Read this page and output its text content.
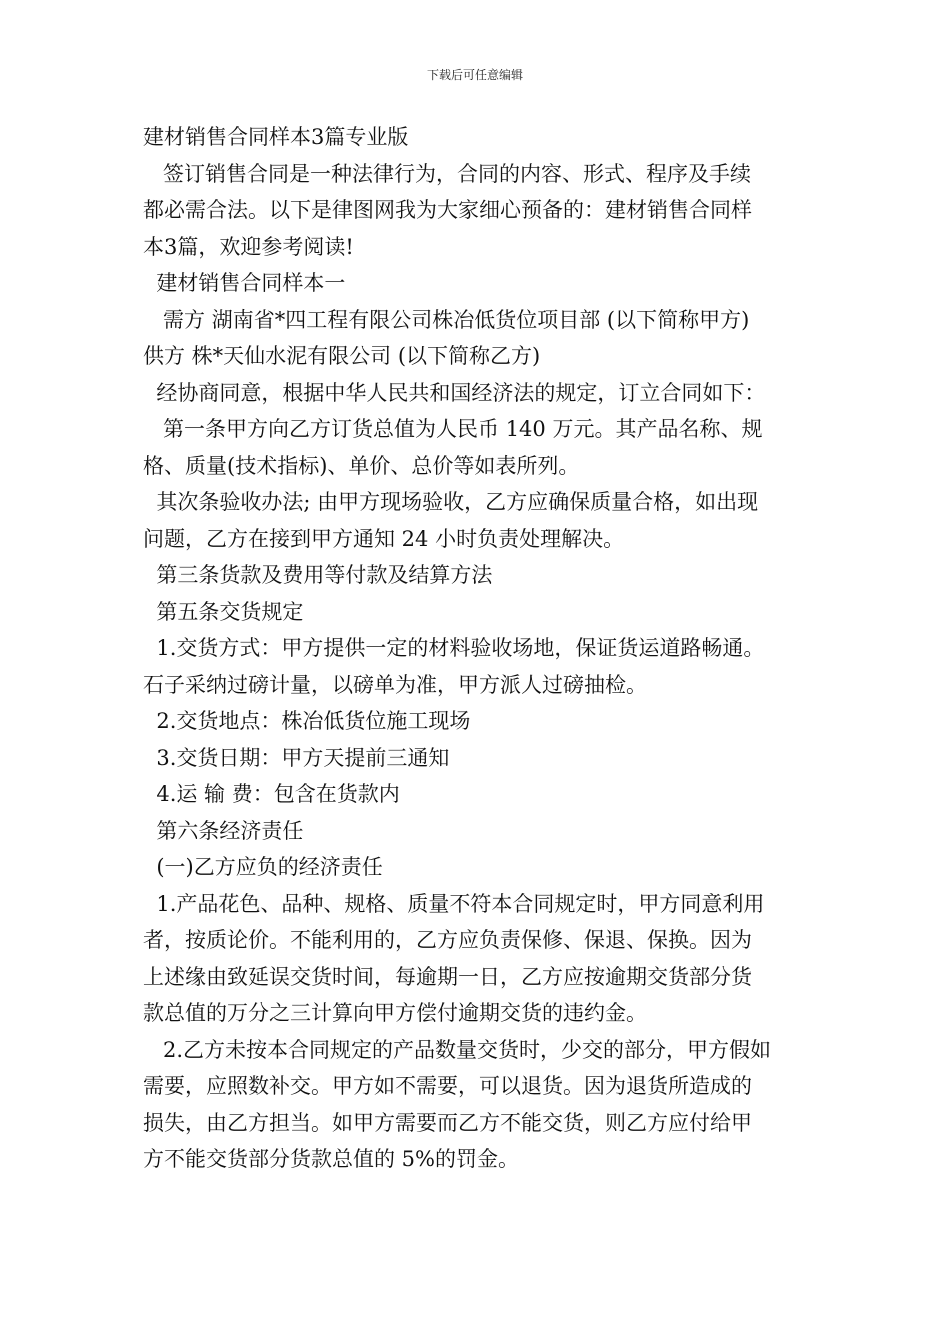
下载后可任意编辑
建材销售合同样本3篇专业版
签订销售合同是一种法律行为，合同的内容、形式、程序及手续
都必需合法。以下是律图网我为大家细心预备的：建材销售合同样
本3篇，欢迎参考阅读!
建材销售合同样本一
需方 湖南省*四工程有限公司株冶低货位项目部 (以下简称甲方)
供方 株*天仙水泥有限公司 (以下简称乙方)
经协商同意，根据中华人民共和国经济法的规定，订立合同如下：
第一条甲方向乙方订货总值为人民币 140 万元。其产品名称、规
格、质量(技术指标)、单价、总价等如表所列。
其次条验收办法; 由甲方现场验收，乙方应确保质量合格，如出现
问题，乙方在接到甲方通知 24 小时负责处理解决。
第三条货款及费用等付款及结算方法
第五条交货规定
1.交货方式：甲方提供一定的材料验收场地，保证货运道路畅通。
石子采纳过磅计量，以磅单为准，甲方派人过磅抽检。
2.交货地点：株冶低货位施工现场
3.交货日期：甲方天提前三通知
4.运 输 费：包含在货款内
第六条经济责任
(一)乙方应负的经济责任
1.产品花色、品种、规格、质量不符本合同规定时，甲方同意利用
者，按质论价。不能利用的，乙方应负责保修、保退、保换。因为
上述缘由致延误交货时间，每逾期一日，乙方应按逾期交货部分货
款总值的万分之三计算向甲方偿付逾期交货的违约金。
2.乙方未按本合同规定的产品数量交货时，少交的部分，甲方假如
需要，应照数补交。甲方如不需要，可以退货。因为退货所造成的
损失，由乙方担当。如甲方需要而乙方不能交货，则乙方应付给甲
方不能交货部分货款总值的 5%的罚金。
